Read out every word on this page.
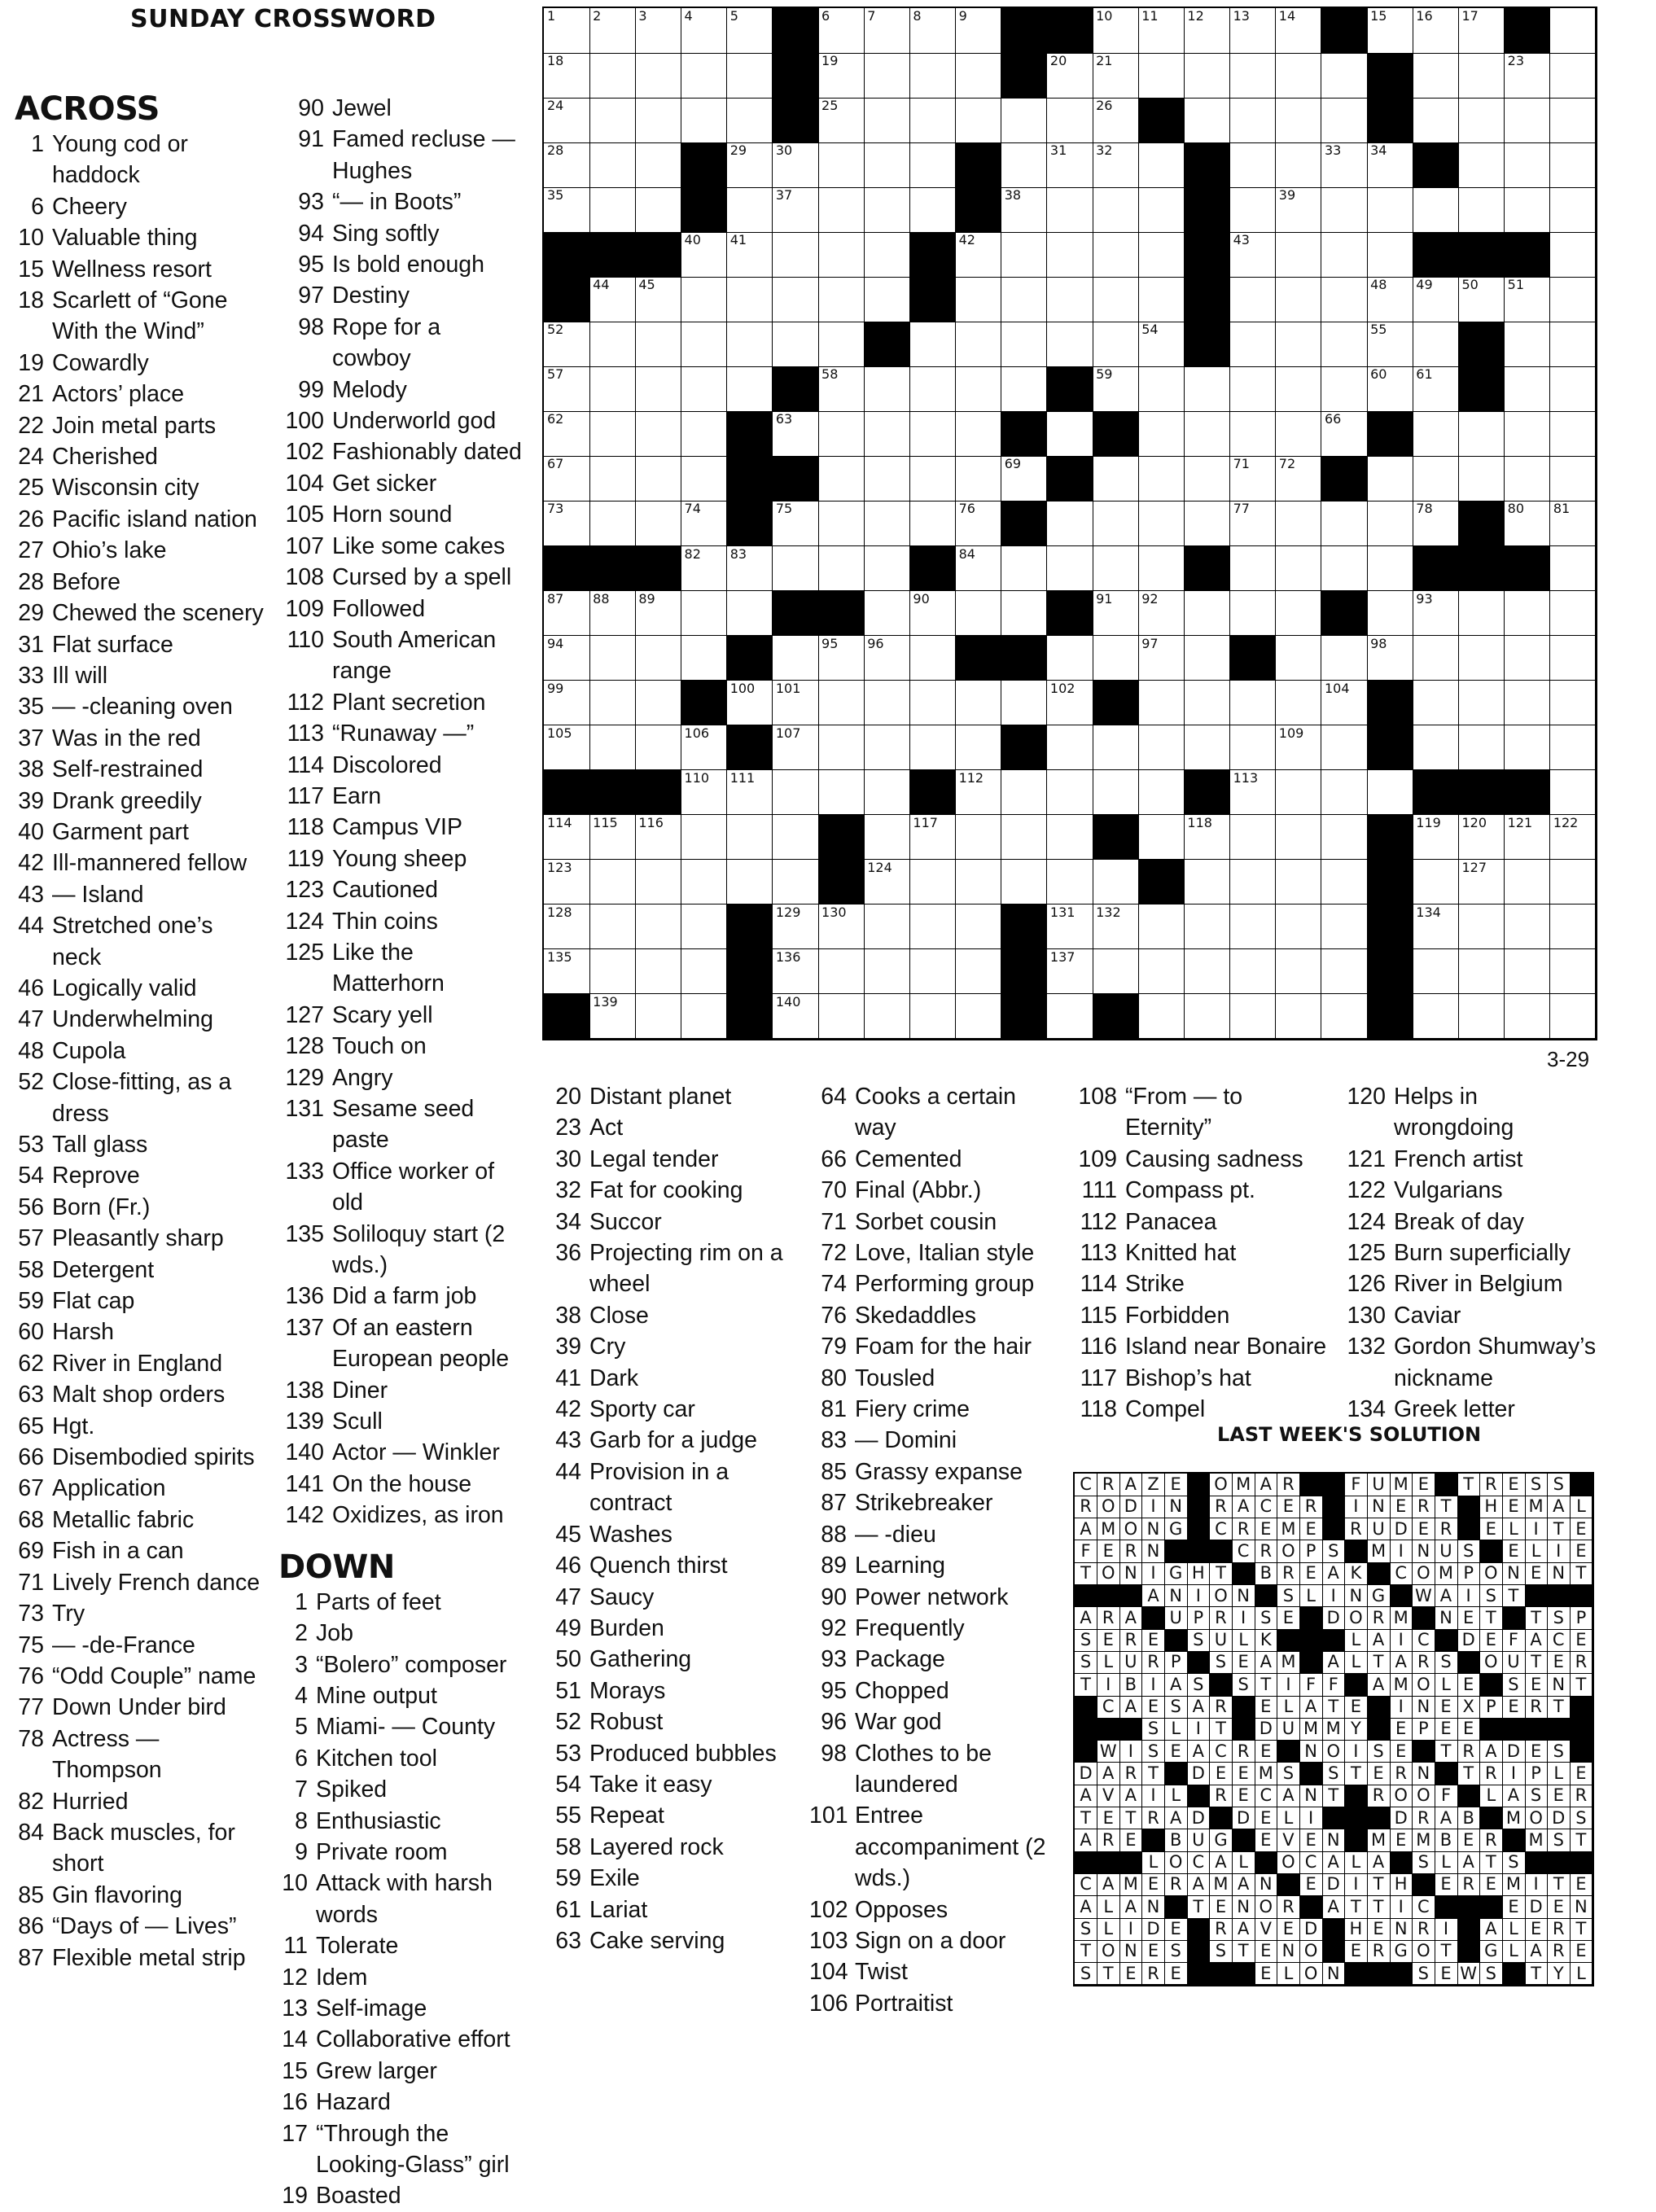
SUNDAY CROSSWORD
ACROSS
1 Young cod or haddock
6 Cheery
10 Valuable thing
15 Wellness resort
18 Scarlett of “Gone With the Wind”
19 Cowardly
21 Actors’ place
22 Join metal parts
24 Cherished
25 Wisconsin city
26 Pacific island nation
27 Ohio’s lake
28 Before
29 Chewed the scenery
31 Flat surface
33 Ill will
35 — -cleaning oven
37 Was in the red
38 Self-restrained
39 Drank greedily
40 Garment part
42 Ill-mannered fellow
43 — Island
44 Stretched one’s neck
46 Logically valid
47 Underwhelming
48 Cupola
52 Close-fitting, as a dress
53 Tall glass
54 Reprove
56 Born (Fr.)
57 Pleasantly sharp
58 Detergent
59 Flat cap
60 Harsh
62 River in England
63 Malt shop orders
65 Hgt.
66 Disembodied spirits
67 Application
68 Metallic fabric
69 Fish in a can
71 Lively French dance
73 Try
75 — -de-France
76 “Odd Couple” name
77 Down Under bird
78 Actress — Thompson
82 Hurried
84 Back muscles, for short
85 Gin flavoring
86 “Days of — Lives”
87 Flexible metal strip
90 Jewel
91 Famed recluse — Hughes
93 “— in Boots”
94 Sing softly
95 Is bold enough
97 Destiny
98 Rope for a cowboy
99 Melody
100 Underworld god
102 Fashionably dated
104 Get sicker
105 Horn sound
107 Like some cakes
108 Cursed by a spell
109 Followed
110 South American range
112 Plant secretion
113 “Runaway —”
114 Discolored
117 Earn
118 Campus VIP
119 Young sheep
123 Cautioned
124 Thin coins
125 Like the Matterhorn
127 Scary yell
128 Touch on
129 Angry
131 Sesame seed paste
133 Office worker of old
135 Soliloquy start (2 wds.)
136 Did a farm job
137 Of an eastern European people
138 Diner
139 Scull
140 Actor — Winkler
141 On the house
142 Oxidizes, as iron
DOWN
1 Parts of feet
2 Job
3 “Bolero” composer
4 Mine output
5 Miami- — County
6 Kitchen tool
7 Spiked
8 Enthusiastic
9 Private room
10 Attack with harsh words
11 Tolerate
12 Idem
13 Self-image
14 Collaborative effort
15 Grew larger
16 Hazard
17 “Through the Looking-Glass” girl
19 Boasted
20 Distant planet
23 Act
30 Legal tender
32 Fat for cooking
34 Succor
36 Projecting rim on a wheel
38 Close
39 Cry
41 Dark
42 Sporty car
43 Garb for a judge
44 Provision in a contract
45 Washes
46 Quench thirst
47 Saucy
49 Burden
50 Gathering
51 Morays
52 Robust
53 Produced bubbles
54 Take it easy
55 Repeat
58 Layered rock
59 Exile
61 Lariat
63 Cake serving
64 Cooks a certain way
66 Cemented
70 Final (Abbr.)
71 Sorbet cousin
72 Love, Italian style
74 Performing group
76 Skedaddles
79 Foam for the hair
80 Tousled
81 Fiery crime
83 — Domini
85 Grassy expanse
87 Strikebreaker
88 — -dieu
89 Learning
90 Power network
92 Frequently
93 Package
95 Chopped
96 War god
98 Clothes to be laundered
101 Entree accompaniment (2 wds.)
102 Opposes
103 Sign on a door
104 Twist
106 Portraitist
108 “From — to Eternity”
109 Causing sadness
111 Compass pt.
112 Panacea
113 Knitted hat
114 Strike
115 Forbidden
116 Island near Bonaire
117 Bishop’s hat
118 Compel
120 Helps in wrongdoing
121 French artist
122 Vulgarians
124 Break of day
125 Burn superficially
126 River in Belgium
130 Caviar
132 Gordon Shumway’s nickname
134 Greek letter
1	2	3	4	5	6	7	8	9	10 11 12 13 14	15 16 17
18	19	20 21	23
24	25	26
28	29 30	31 32	33 34
35	37	38	39
40 41	42	43
44 45	48 49 50 51
52	54	55
57	58	59	60 61
62	63	66
67	69	71 72
73	74	75	76	77	78	80 81
82 83	84
87 88 89	90	91 92	93
94	95 96	97	98
99	100 101	102	104
105	106	107	109
110 111	112	113
114 115 116	117	118	119 120 121 122
123	124	127
128	129 130	131 132	134
135	136	137
139	140
3-29
LAST WEEK'S SOLUTION
C R A Z E	O M A R	F U M E	T R E S S
R O D I N	R A C E R	I N E R T	H E M A L
A M O N G	C R E M E	R U D E R	E L I T E
F E R N	C R O P S	M I N U S	E L I E
T O N I G H T	B R E A K	C O M P O N E N T
A N I O N	S L I N G	W A I S T
A R A	U P R I S E	D O R M N E T	T S P
S E R E	S U L K	L A I C	D E F A C E
S L U R P	S E A M	A L T A R S	O U T E R
T I B I A S	S T I F F	A M O L E	S E N T
C A E S A R	E L A T E	I N E X P E R T
S L I T	D U M M Y	E P E E
W I S E A C R E	N O I S E	T R A D E S
D A R T	D E E M S	S T E R N	T R I P L E
A V A I L	R E C A N T	R O O F	L A S E R
T E T R A D	D E L I	D R A B	M O D S
A R E	B U G	E V E N	M E M B E R	M S T
L O C A L	O C A L A	S L A T S
C A M E R A M A N	E D I T H	E R E M I T E
A L A N	T E N O R	A T T I C	E D E N
S L I D E	R A V E D	H E N R I	A L E R T
T O N E S	S T E N O	E R G O T	G L A R E
S T E R E	E L O N	S E W S	T Y L
